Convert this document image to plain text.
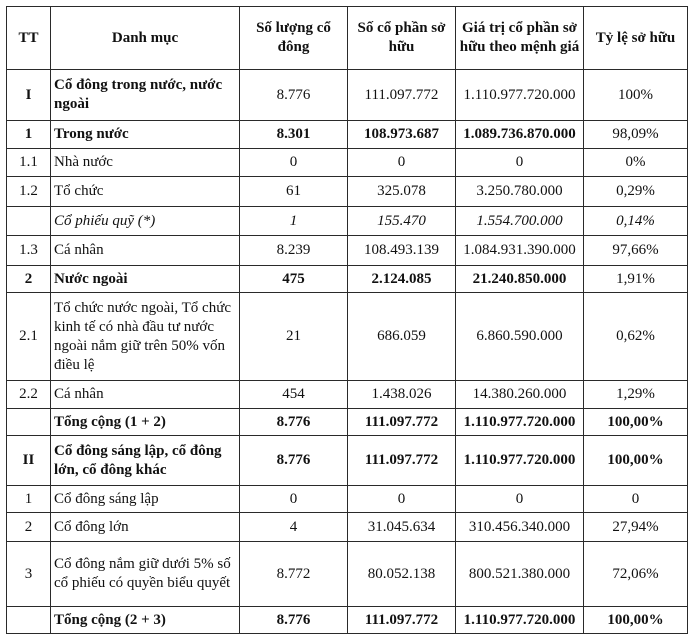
TT	Danh mục	Số lượng cổ đông	Số cổ phần sở hữu	Giá trị cổ phần sở hữu theo mệnh giá	Tỷ lệ sở hữu
I	Cổ đông trong nước, nước ngoài	8.776	111.097.772	1.110.977.720.000	100%
1	Trong nước	8.301	108.973.687	1.089.736.870.000	98,09%
1.1	Nhà nước	0	0	0	0%
1.2	Tổ chức	61	325.078	3.250.780.000	0,29%
	Cổ phiếu quỹ (*)	1	155.470	1.554.700.000	0,14%
1.3	Cá nhân	8.239	108.493.139	1.084.931.390.000	97,66%
2	Nước ngoài	475	2.124.085	21.240.850.000	1,91%
2.1	Tổ chức nước ngoài, Tổ chức kinh tế có nhà đầu tư nước ngoài nắm giữ trên 50% vốn điều lệ	21	686.059	6.860.590.000	0,62%
2.2	Cá nhân	454	1.438.026	14.380.260.000	1,29%
	Tổng cộng (1 + 2)	8.776	111.097.772	1.110.977.720.000	100,00%
II	Cổ đông sáng lập, cổ đông lớn, cổ đông khác	8.776	111.097.772	1.110.977.720.000	100,00%
1	Cổ đông sáng lập	0	0	0	0
2	Cổ đông lớn	4	31.045.634	310.456.340.000	27,94%
3	Cổ đông nắm giữ dưới 5% số cổ phiếu có quyền biểu quyết	8.772	80.052.138	800.521.380.000	72,06%
	Tổng cộng (2 + 3)	8.776	111.097.772	1.110.977.720.000	100,00%
